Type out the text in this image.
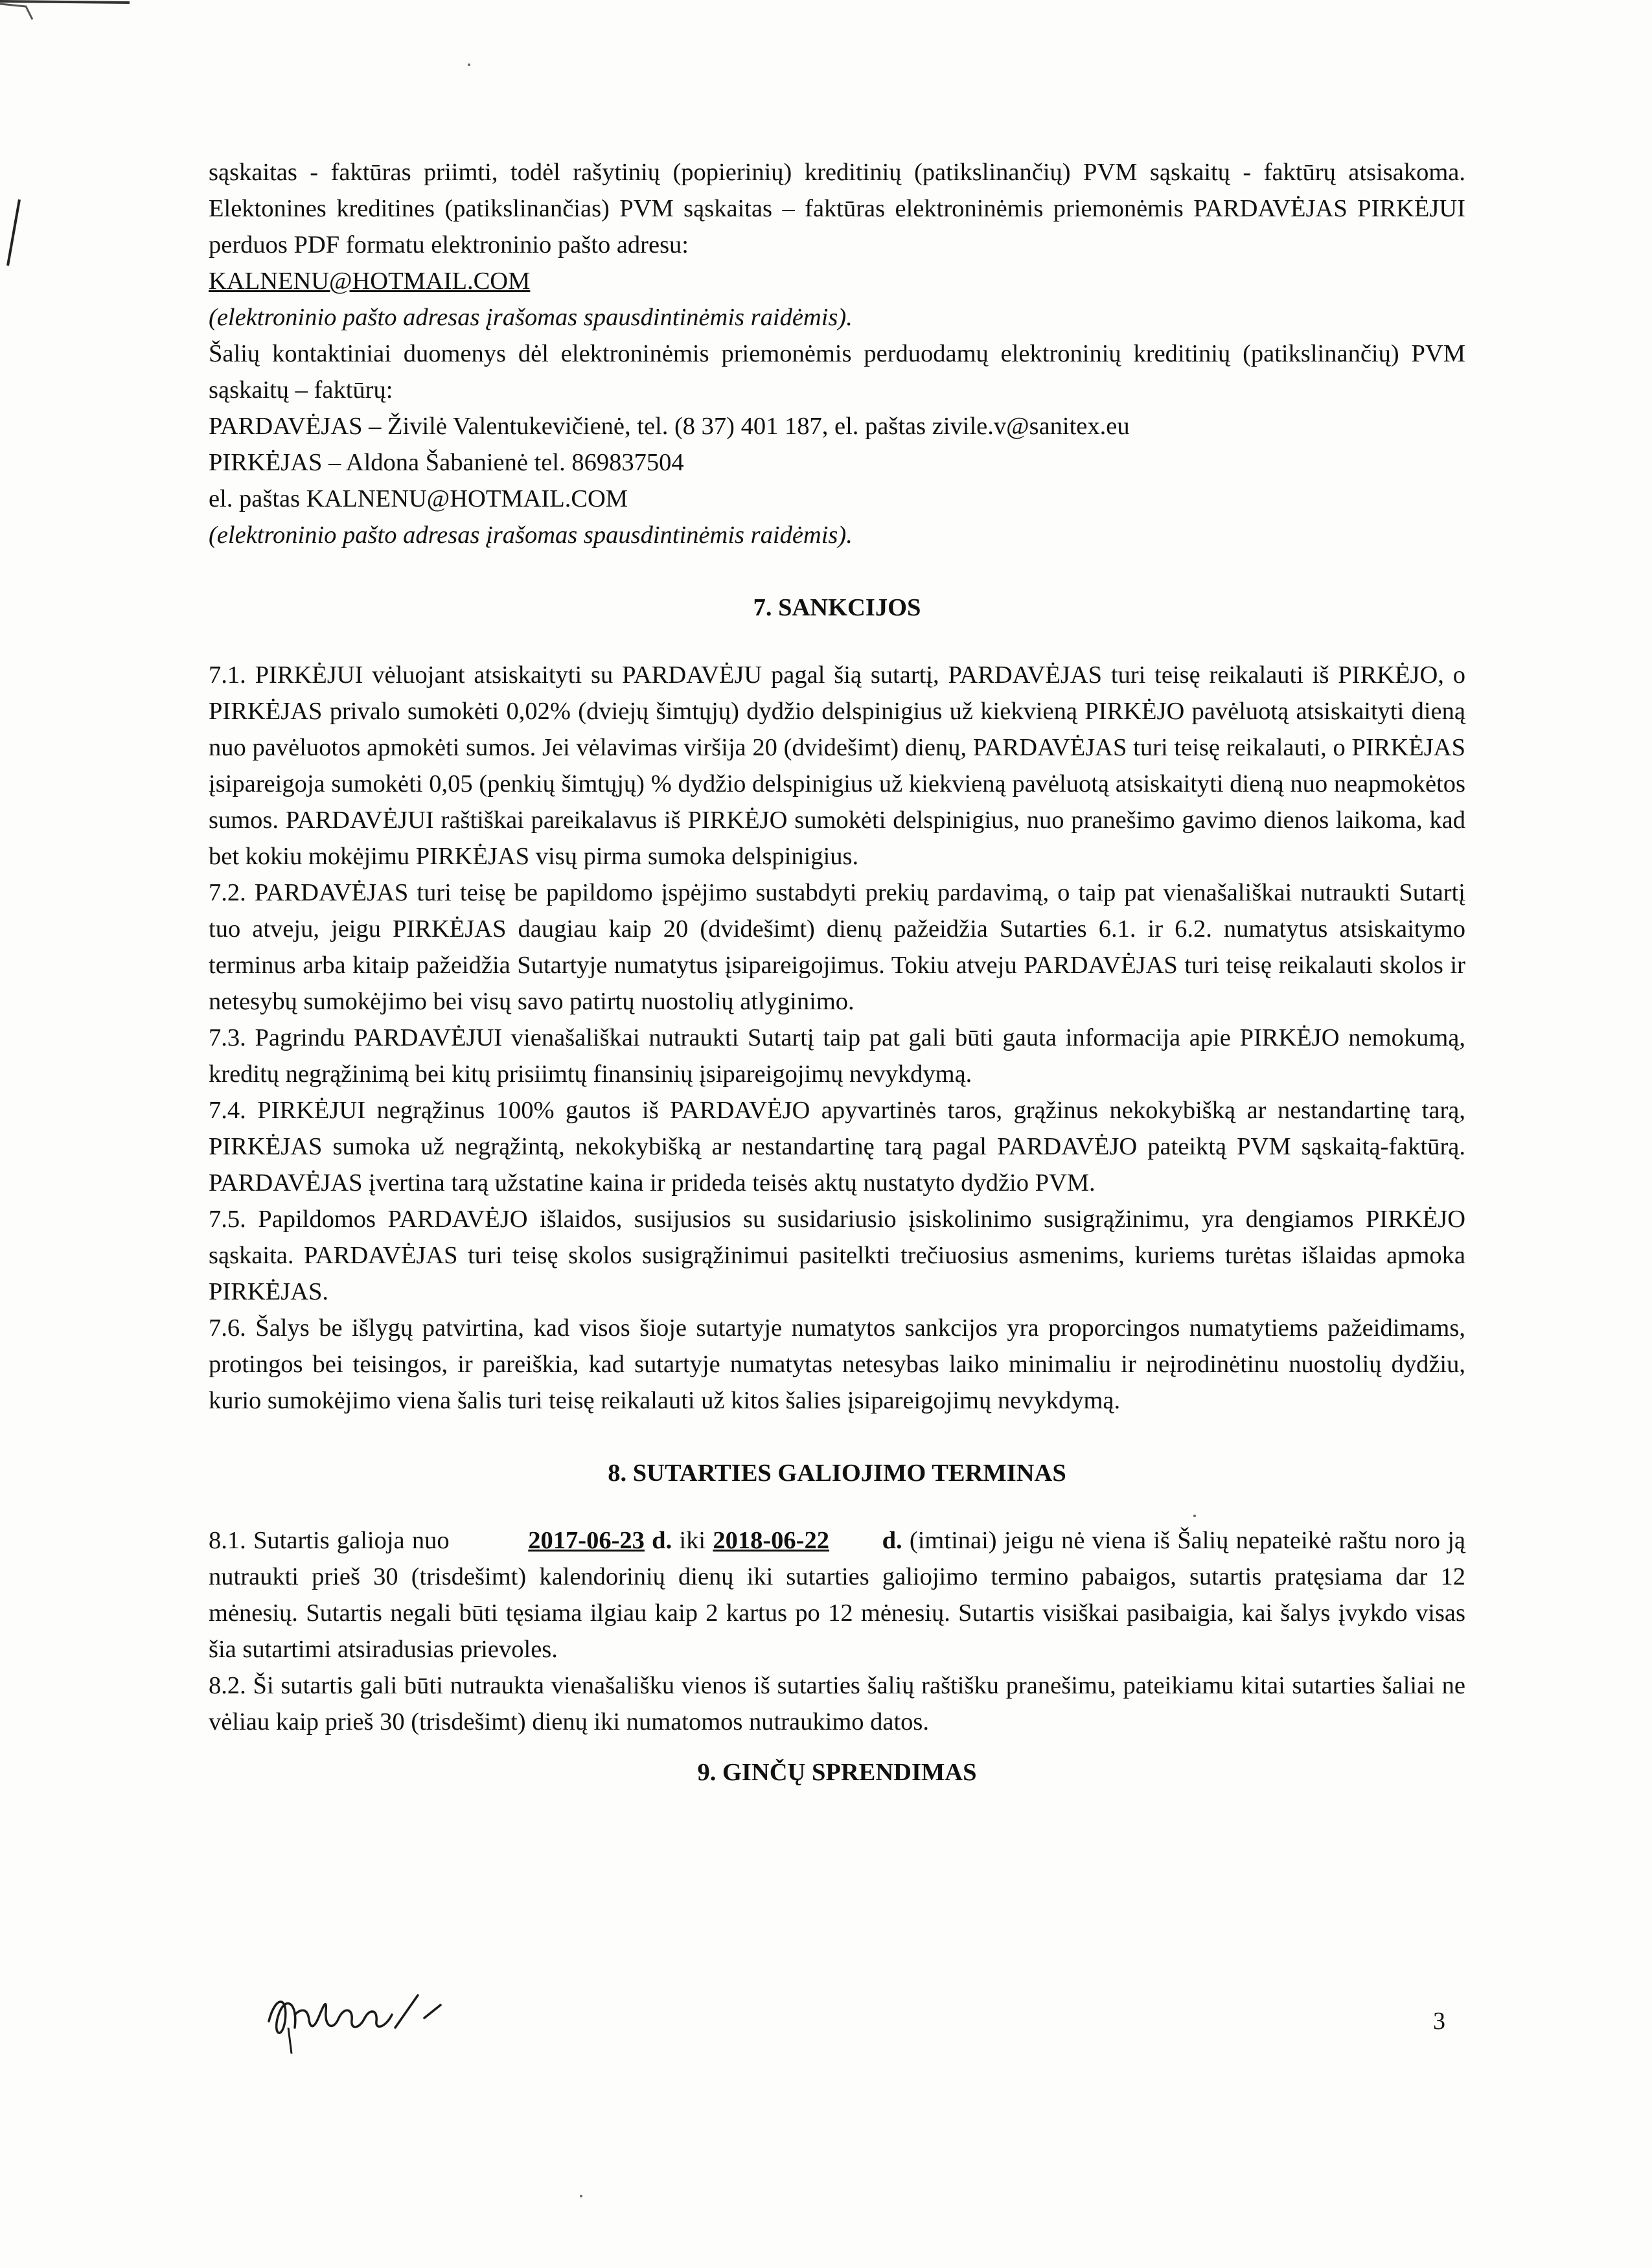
sąskaitas - faktūras priimti, todėl rašytinių (popierinių) kreditinių (patikslinančių) PVM sąskaitų - faktūrų atsisakoma. Elektonines kreditines (patikslinančias) PVM sąskaitas – faktūras elektroninėmis priemonėmis PARDAVĖJAS PIRKĖJUI perduos PDF formatu elektroninio pašto adresu:

KALNENU@HOTMAIL.COM

(elektroninio pašto adresas įrašomas spausdintinėmis raidėmis).

Šalių kontaktiniai duomenys dėl elektroninėmis priemonėmis perduodamų elektroninių kreditinių (patikslinančių) PVM sąskaitų – faktūrų:

PARDAVĖJAS – Živilė Valentukevičienė, tel. (8 37) 401 187, el. paštas zivile.v@sanitex.eu

PIRKĖJAS – Aldona Šabanienė tel. 869837504

el. paštas KALNENU@HOTMAIL.COM

(elektroninio pašto adresas įrašomas spausdintinėmis raidėmis).

7. SANKCIJOS

7.1. PIRKĖJUI vėluojant atsiskaityti su PARDAVĖJU pagal šią sutartį, PARDAVĖJAS turi teisę reikalauti iš PIRKĖJO, o PIRKĖJAS privalo sumokėti 0,02% (dviejų šimtųjų) dydžio delspinigius už kiekvieną PIRKĖJO pavėluotą atsiskaityti dieną nuo pavėluotos apmokėti sumos. Jei vėlavimas viršija 20 (dvidešimt) dienų, PARDAVĖJAS turi teisę reikalauti, o PIRKĖJAS įsipareigoja sumokėti 0,05 (penkių šimtųjų) % dydžio delspinigius už kiekvieną pavėluotą atsiskaityti dieną nuo neapmokėtos sumos. PARDAVĖJUI raštiškai pareikalavus iš PIRKĖJO sumokėti delspinigius, nuo pranešimo gavimo dienos laikoma, kad bet kokiu mokėjimu PIRKĖJAS visų pirma sumoka delspinigius.

7.2. PARDAVĖJAS turi teisę be papildomo įspėjimo sustabdyti prekių pardavimą, o taip pat vienašališkai nutraukti Sutartį tuo atveju, jeigu PIRKĖJAS daugiau kaip 20 (dvidešimt) dienų pažeidžia Sutarties 6.1. ir 6.2. numatytus atsiskaitymo terminus arba kitaip pažeidžia Sutartyje numatytus įsipareigojimus. Tokiu atveju PARDAVĖJAS turi teisę reikalauti skolos ir netesybų sumokėjimo bei visų savo patirtų nuostolių atlyginimo.

7.3. Pagrindu PARDAVĖJUI vienašališkai nutraukti Sutartį taip pat gali būti gauta informacija apie PIRKĖJO nemokumą, kreditų negrąžinimą bei kitų prisiimtų finansinių įsipareigojimų nevykdymą.

7.4. PIRKĖJUI negrąžinus 100% gautos iš PARDAVĖJO apyvartinės taros, grąžinus nekokybišką ar nestandartinę tarą, PIRKĖJAS sumoka už negrąžintą, nekokybišką ar nestandartinę tarą pagal PARDAVĖJO pateiktą PVM sąskaitą-faktūrą. PARDAVĖJAS įvertina tarą užstatine kaina ir prideda teisės aktų nustatyto dydžio PVM.

7.5. Papildomos PARDAVĖJO išlaidos, susijusios su susidariusio įsiskolinimo susigrąžinimu, yra dengiamos PIRKĖJO sąskaita. PARDAVĖJAS turi teisę skolos susigrąžinimui pasitelkti trečiuosius asmenims, kuriems turėtas išlaidas apmoka PIRKĖJAS.

7.6. Šalys be išlygų patvirtina, kad visos šioje sutartyje numatytos sankcijos yra proporcingos numatytiems pažeidimams, protingos bei teisingos, ir pareiškia, kad sutartyje numatytas netesybas laiko minimaliu ir neįrodinėtinu nuostolių dydžiu, kurio sumokėjimo viena šalis turi teisę reikalauti už kitos šalies įsipareigojimų nevykdymą.

8. SUTARTIES GALIOJIMO TERMINAS

8.1. Sutartis galioja nuo	2017-06-23 d. iki 2018-06-22 d. (imtinai) jeigu nė viena iš Šalių nepateikė raštu noro ją nutraukti prieš 30 (trisdešimt) kalendorinių dienų iki sutarties galiojimo termino pabaigos, sutartis pratęsiama dar 12 mėnesių. Sutartis negali būti tęsiama ilgiau kaip 2 kartus po 12 mėnesių. Sutartis visiškai pasibaigia, kai šalys įvykdo visas šia sutartimi atsiradusias prievoles.

8.2. Ši sutartis gali būti nutraukta vienašališku vienos iš sutarties šalių raštišku pranešimu, pateikiamu kitai sutarties šaliai ne vėliau kaip prieš 30 (trisdešimt) dienų iki numatomos nutraukimo datos.

9. GINČŲ SPRENDIMAS

3
